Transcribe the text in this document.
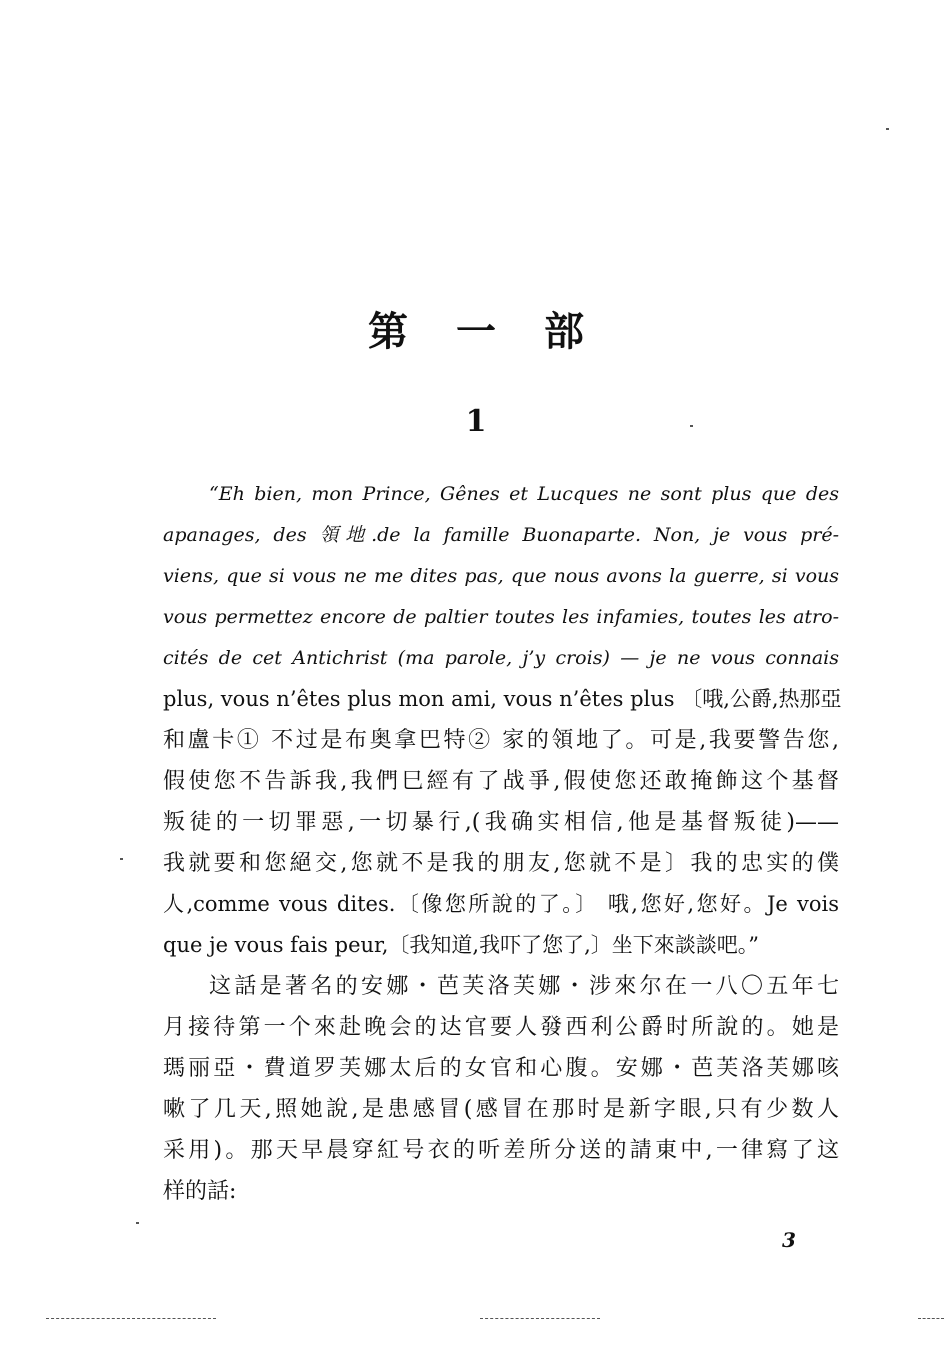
第一部
1
“Eh bien, mon Prince, Gênes et Lucques ne sont plus que des
apanages, des 領地.de la famille Buonaparte. Non, je vous pré-
viens, que si vous ne me dites pas, que nous avons la guerre, si vous
vous permettez encore de paltier toutes les infamies, toutes les atro-
cités de cet Antichrist (ma parole, j’y crois) — je ne vous connais
plus, vous n’êtes plus mon ami, vous n’êtes plus 〔哦,公爵,热那亞
和盧卡① 不过是布奥拿巴特② 家的領地了。可是,我要警告您,
假使您不告訴我,我們巳經有了战爭,假使您还敢掩飾这个基督
叛徒的一切罪惡,一切暴行,(我确实相信,他是基督叛徒)——
我就要和您絕交,您就不是我的朋友,您就不是〕我的忠实的僕
人,comme vous dites.〔像您所說的了。〕 哦,您好,您好。Je vois
que je vous fais peur,〔我知道,我吓了您了,〕坐下來談談吧。”
这話是著名的安娜・芭芙洛芙娜・涉來尔在一八〇五年七
月接待第一个來赴晚会的达官要人發西利公爵时所說的。她是
瑪丽亞・費道罗芙娜太后的女官和心腹。安娜・芭芙洛芙娜咳
嗽了几天,照她說,是患感冒(感冒在那时是新字眼,只有少数人
采用)。那天早晨穿紅号衣的听差所分送的請東中,一律寫了这
样的話:
3
